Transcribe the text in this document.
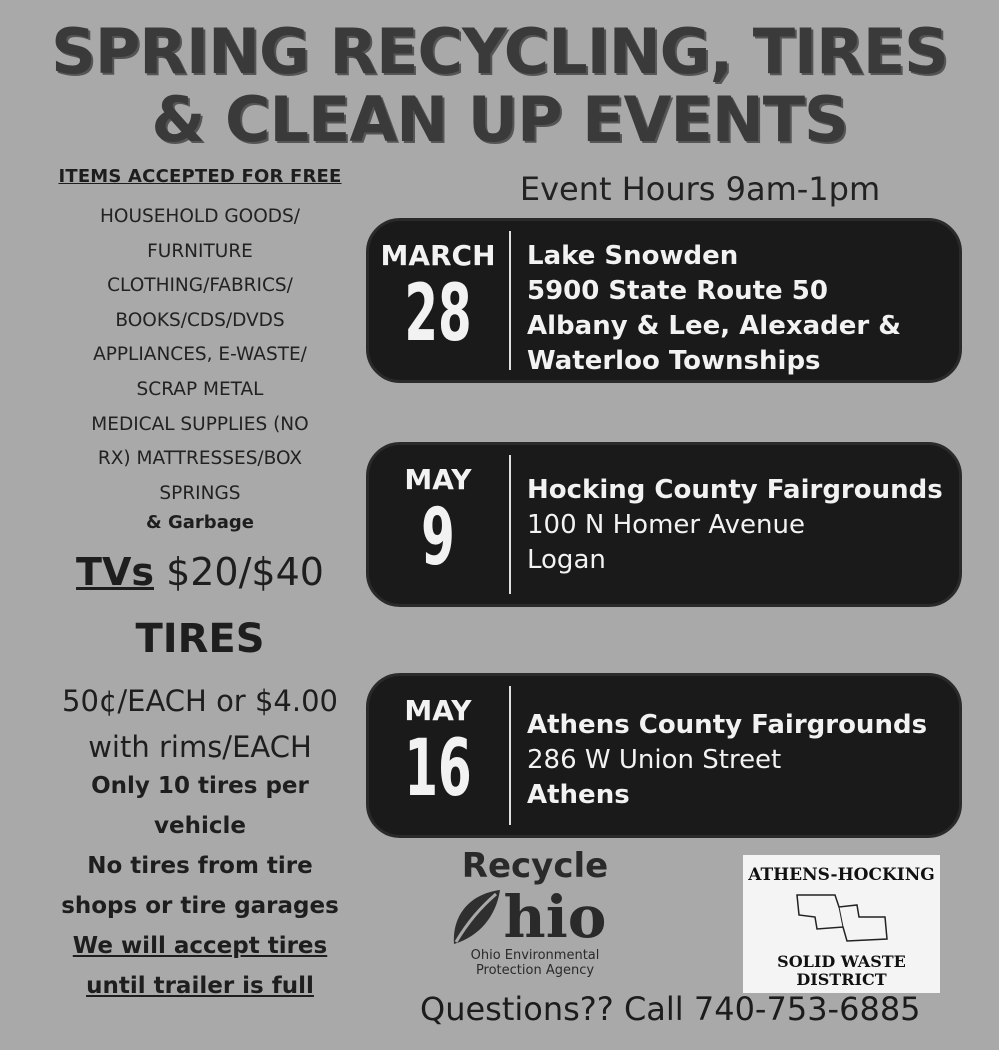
SPRING RECYCLING, TIRES
& CLEAN UP EVENTS
ITEMS ACCEPTED FOR FREE
HOUSEHOLD GOODS/
FURNITURE
CLOTHING/FABRICS/
BOOKS/CDS/DVDS
APPLIANCES, E-WASTE/
SCRAP METAL
MEDICAL SUPPLIES (NO
RX) MATTRESSES/BOX
SPRINGS
& Garbage
TVs $20/$40
TIRES
50¢/EACH or $4.00
with rims/EACH
Only 10 tires per
vehicle
No tires from tire
shops or tire garages
We will accept tires
until trailer is full
Event Hours 9am-1pm
MARCH
28
Lake Snowden
5900 State Route 50
Albany & Lee, Alexader &
Waterloo Townships
MAY
9
Hocking County Fairgrounds
100 N Homer Avenue
Logan
MAY
16	Athens County Fairgrounds
286 W Union Street
Athens
Recycle
hio
Ohio Environmental
Protection Agency
ATHENS-HOCKING
SOLID WASTE
DISTRICT
Questions?? Call 740-753-6885
